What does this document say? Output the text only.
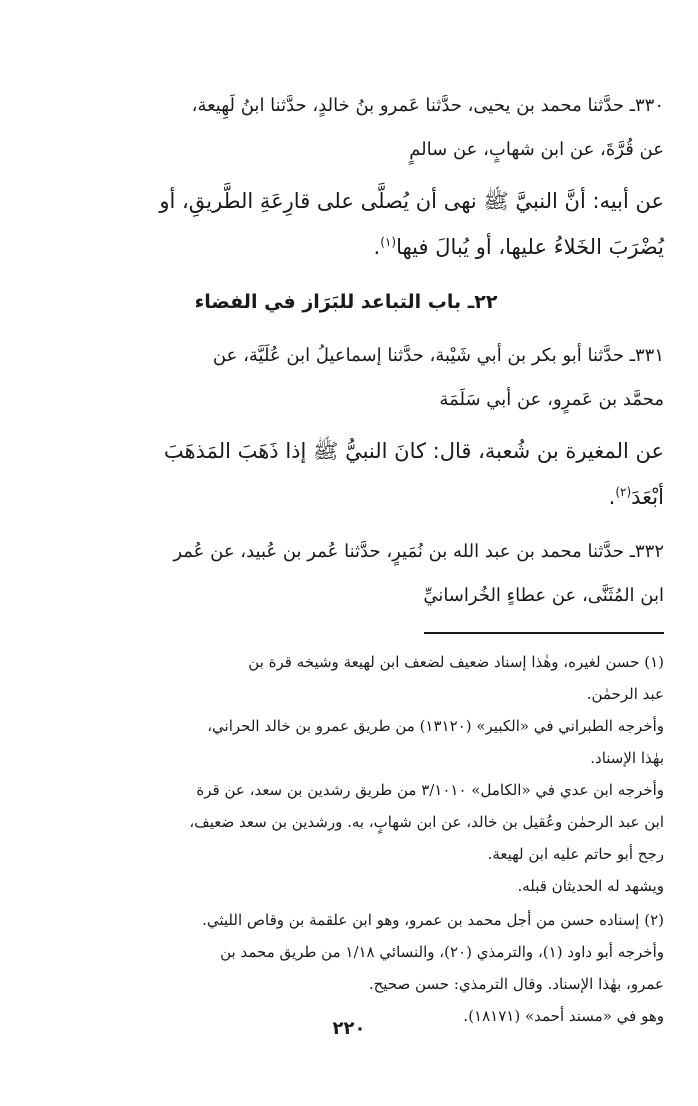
٣٣٠ـ حدَّثنا محمد بن يحيى، حدَّثنا عَمرو بنُ خالدٍ، حدَّثنا ابنُ لَهِيعة،
عن قُرَّةَ، عن ابن شهابٍ، عن سالمٍ

عن أبيه: أنَّ النبيَّ ﷺ نهى أن يُصلَّى على قارِعَةِ الطَّريقِ، أو
يُضْرَبَ الخَلاءُ عليها، أو يُبالَ فيها$^{(١)}$.

٢٢ـ باب التباعد للبَرَاز في الفضاء

٣٣١ـ حدَّثنا أبو بكر بن أبي شَيْبة، حدَّثنا إسماعيلُ ابن عُلَيَّة، عن
محمَّد بن عَمرٍو، عن أبي سَلَمَة

عن المغيرة بن شُعبة، قال: كانَ النبيُّ ﷺ إذا ذَهَبَ المَذهَبَ
أبْعَدَ$^{(٢)}$.

٣٣٢ـ حدَّثنا محمد بن عبد الله بن نُمَيرٍ، حدَّثنا عُمر بن عُبيد، عن عُمر
ابن المُثَنَّى، عن عطاءٍ الخُراسانيِّ

(١) حسن لغيره، وهٰذا إسناد ضعيف لضعف ابن لهيعة وشيخه قرة بن
عبد الرحمٰن.
وأخرجه الطبراني في «الكبير» (١٣١٢٠) من طريق عمرو بن خالد الحراني،
بهٰذا الإسناد.
وأخرجه ابن عدي في «الكامل» ٣/١٠١٠ من طريق رشدين بن سعد، عن قرة
ابن عبد الرحمٰن وعُقيل بن خالد، عن ابن شهابٍ، به. ورشدين بن سعد ضعيف،
رجح أبو حاتم عليه ابن لهيعة.
ويشهد له الحديثان قبله.

(٢) إسناده حسن من أجل محمد بن عمرو، وهو ابن علقمة بن وقاص الليثي.
وأخرجه أبو داود (١)، والترمذي (٢٠)، والنسائي ١/١٨ من طريق محمد بن
عمرو، بهٰذا الإسناد. وقال الترمذي: حسن صحيح.
وهو في «مسند أحمد» (١٨١٧١).

٢٢٠
